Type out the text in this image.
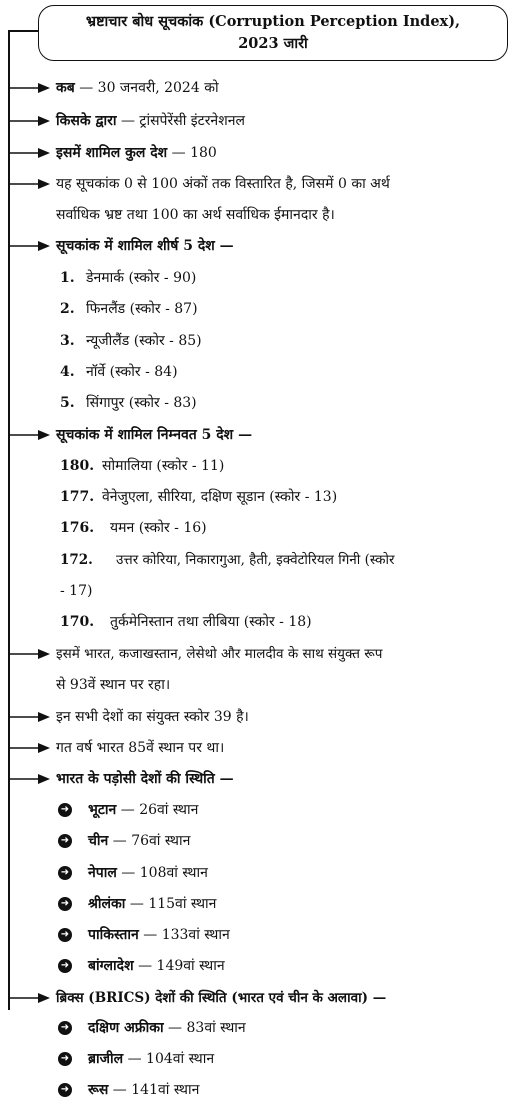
भ्रष्टाचार बोध सूचकांक (Corruption Perception Index),
2023 जारी
कब — 30 जनवरी, 2024 को
किसके द्वारा — ट्रांसपेरेंसी इंटरनेशनल
इसमें शामिल कुल देश — 180
यह सूचकांक 0 से 100 अंकों तक विस्तारित है, जिसमें 0 का अर्थ
सर्वाधिक भ्रष्ट तथा 100 का अर्थ सर्वाधिक ईमानदार है।
सूचकांक में शामिल शीर्ष 5 देश —
1. डेनमार्क (स्कोर - 90)
2. फिनलैंड (स्कोर - 87)
3. न्यूजीलैंड (स्कोर - 85)
4. नॉर्वे (स्कोर - 84)
5. सिंगापुर (स्कोर - 83)
सूचकांक में शामिल निम्नवत 5 देश —
180. सोमालिया (स्कोर - 11)
177. वेनेजुएला, सीरिया, दक्षिण सूडान (स्कोर - 13)
176. यमन (स्कोर - 16)
172. उत्तर कोरिया, निकारागुआ, हैती, इक्वेटोरियल गिनी (स्कोर
- 17)
170. तुर्कमेनिस्तान तथा लीबिया (स्कोर - 18)
इसमें भारत, कजाखस्तान, लेसेथो और मालदीव के साथ संयुक्त रूप
से 93वें स्थान पर रहा।
इन सभी देशों का संयुक्त स्कोर 39 है।
गत वर्ष भारत 85वें स्थान पर था।
भारत के पड़ोसी देशों की स्थिति —
➜ भूटान — 26वां स्थान
➜ चीन — 76वां स्थान
➜ नेपाल — 108वां स्थान
➜ श्रीलंका — 115वां स्थान
➜ पाकिस्तान — 133वां स्थान
➜ बांग्लादेश — 149वां स्थान
ब्रिक्स (BRICS) देशों की स्थिति (भारत एवं चीन के अलावा) —
➜ दक्षिण अफ्रीका — 83वां स्थान
➜ ब्राजील — 104वां स्थान
➜ रूस — 141वां स्थान
